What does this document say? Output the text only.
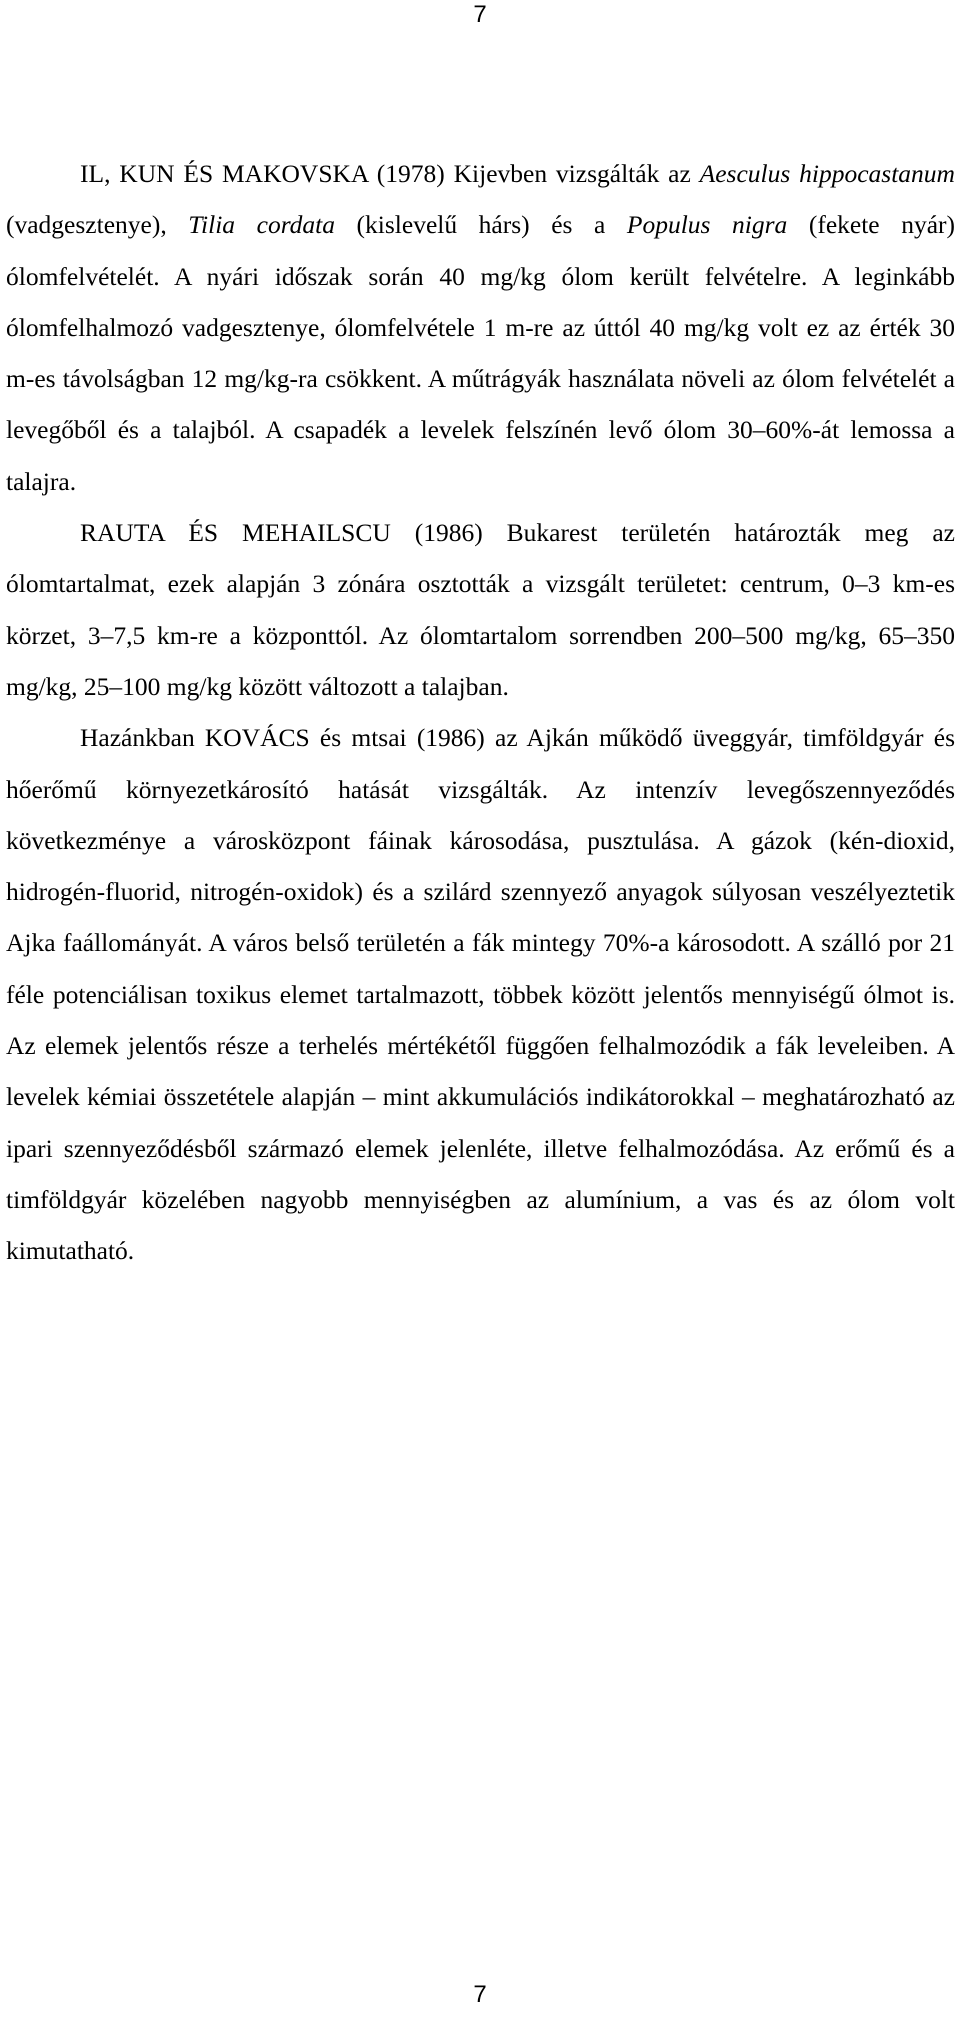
7

IL, KUN ÉS MAKOVSKA (1978) Kijevben vizsgálták az Aesculus hippocastanum (vadgesztenye), Tilia cordata (kislevelű hárs) és a Populus nigra (fekete nyár) ólomfelvételét. A nyári időszak során 40 mg/kg ólom került felvételre. A leginkább ólomfelhalmozó vadgesztenye, ólomfelvétele 1 m-re az úttól 40 mg/kg volt ez az érték 30 m-es távolságban 12 mg/kg-ra csökkent. A műtrágyák használata növeli az ólom felvételét a levegőből és a talajból. A csapadék a levelek felszínén levő ólom 30–60%-át lemossa a talajra.

RAUTA ÉS MEHAILSCU (1986) Bukarest területén határozták meg az ólomtartalmat, ezek alapján 3 zónára osztották a vizsgált területet: centrum, 0–3 km-es körzet, 3–7,5 km-re a központtól. Az ólomtartalom sorrendben 200–500 mg/kg, 65–350 mg/kg, 25–100 mg/kg között változott a talajban.

Hazánkban KOVÁCS és mtsai (1986) az Ajkán működő üveggyár, timföldgyár és hőerőmű környezetkárosító hatását vizsgálták. Az intenzív levegőszennyeződés következménye a városközpont fáinak károsodása, pusztulása. A gázok (kén-dioxid, hidrogén-fluorid, nitrogén-oxidok) és a szilárd szennyező anyagok súlyosan veszélyeztetik Ajka faállományát. A város belső területén a fák mintegy 70%-a károsodott. A szálló por 21 féle potenciálisan toxikus elemet tartalmazott, többek között jelentős mennyiségű ólmot is. Az elemek jelentős része a terhelés mértékétől függően felhalmozódik a fák leveleiben. A levelek kémiai összetétele alapján – mint akkumulációs indikátorokkal – meghatározható az ipari szennyeződésből származó elemek jelenléte, illetve felhalmozódása. Az erőmű és a timföldgyár közelében nagyobb mennyiségben az alumínium, a vas és az ólom volt kimutatható.

7
